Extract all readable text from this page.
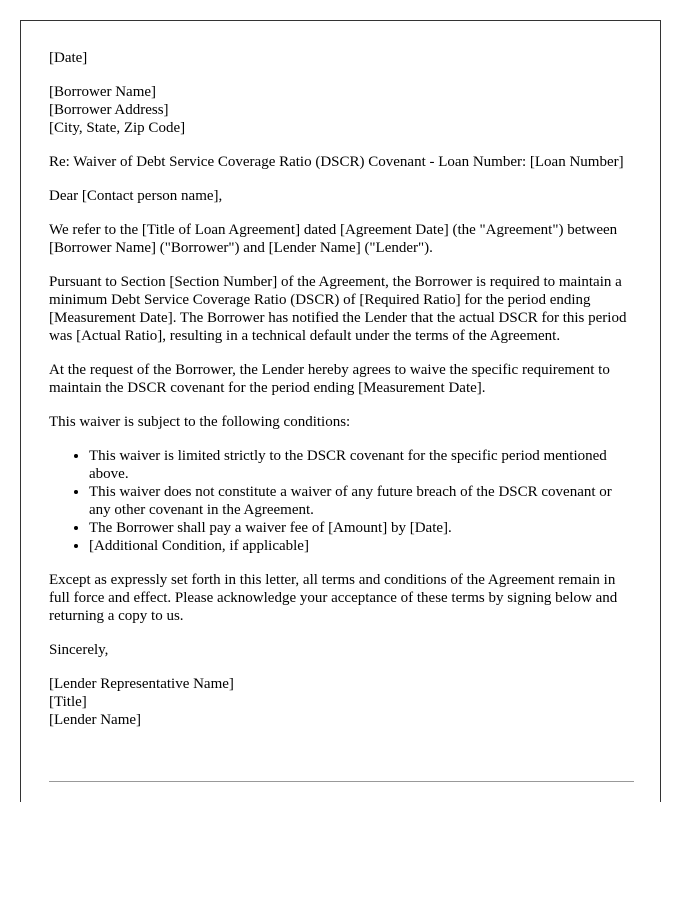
[Date]

[Borrower Name]
[Borrower Address]
[City, State, Zip Code]

Re: Waiver of Debt Service Coverage Ratio (DSCR) Covenant - Loan Number: [Loan Number]

Dear [Contact person name],

We refer to the [Title of Loan Agreement] dated [Agreement Date] (the "Agreement") between [Borrower Name] ("Borrower") and [Lender Name] ("Lender").

Pursuant to Section [Section Number] of the Agreement, the Borrower is required to maintain a minimum Debt Service Coverage Ratio (DSCR) of [Required Ratio] for the period ending [Measurement Date]. The Borrower has notified the Lender that the actual DSCR for this period was [Actual Ratio], resulting in a technical default under the terms of the Agreement.

At the request of the Borrower, the Lender hereby agrees to waive the specific requirement to maintain the DSCR covenant for the period ending [Measurement Date].

This waiver is subject to the following conditions:

• This waiver is limited strictly to the DSCR covenant for the specific period mentioned above.
• This waiver does not constitute a waiver of any future breach of the DSCR covenant or any other covenant in the Agreement.
• The Borrower shall pay a waiver fee of [Amount] by [Date].
• [Additional Condition, if applicable]

Except as expressly set forth in this letter, all terms and conditions of the Agreement remain in full force and effect. Please acknowledge your acceptance of these terms by signing below and returning a copy to us.

Sincerely,

[Lender Representative Name]
[Title]
[Lender Name]
